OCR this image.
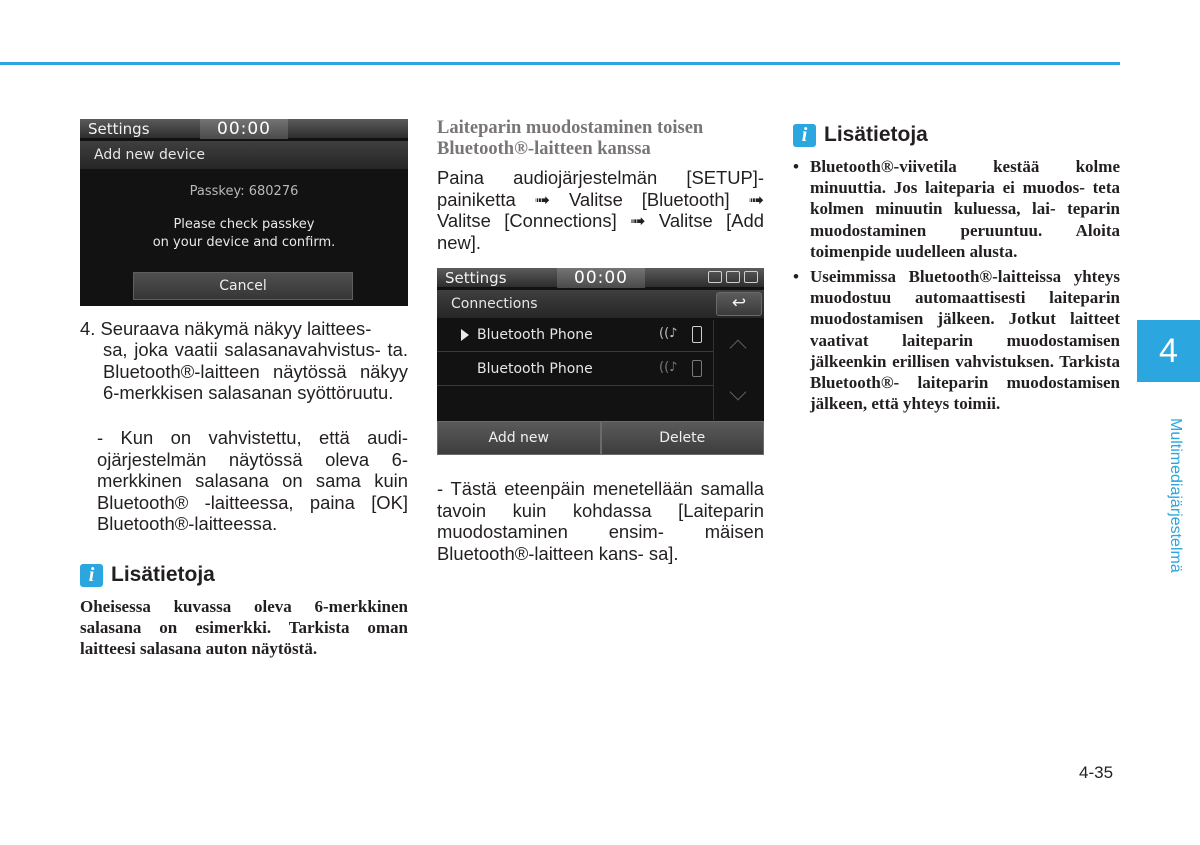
Settings	00:00
Add new device
Passkey: 680276
Please check passkey
on your device and confirm.
Cancel
4. Seuraava näkymä näkyy laittees-
sa, joka vaatii salasanavahvistus- ta. Bluetooth®-laitteen näytössä näkyy 6-merkkisen salasanan syöttöruutu.
- Kun on vahvistettu, että audi- ojärjestelmän näytössä oleva 6-merkkinen salasana on sama kuin Bluetooth® -laitteessa, paina [OK] Bluetooth®-laitteessa.
i Lisätietoja
Oheisessa kuvassa oleva 6-merkkinen salasana on esimerkki. Tarkista oman laitteesi salasana auton näytöstä.
Laiteparin muodostaminen toisen Bluetooth®-laitteen kanssa
Paina audiojärjestelmän [SETUP]- painiketta ➟ Valitse [Bluetooth] ➟ Valitse [Connections] ➟ Valitse [Add new].
Settings	00:00
Connections	↩
Bluetooth Phone	((♪
Bluetooth Phone	((♪
Add new	Delete
- Tästä eteenpäin menetellään samalla tavoin kuin kohdassa [Laiteparin muodostaminen ensim- mäisen Bluetooth®-laitteen kans- sa].
i Lisätietoja
• Bluetooth®-viivetila kestää kolme minuuttia. Jos laiteparia ei muodos- teta kolmen minuutin kuluessa, lai- teparin muodostaminen peruuntuu. Aloita toimenpide uudelleen alusta.
• Useimmissa Bluetooth®-laitteissa yhteys muodostuu automaattisesti laiteparin muodostamisen jälkeen. Jotkut laitteet vaativat laiteparin muodostamisen jälkeenkin erillisen vahvistuksen. Tarkista Bluetooth®- laiteparin muodostamisen jälkeen, että yhteys toimii.
4
Multimediajärjestelmä
4-35
